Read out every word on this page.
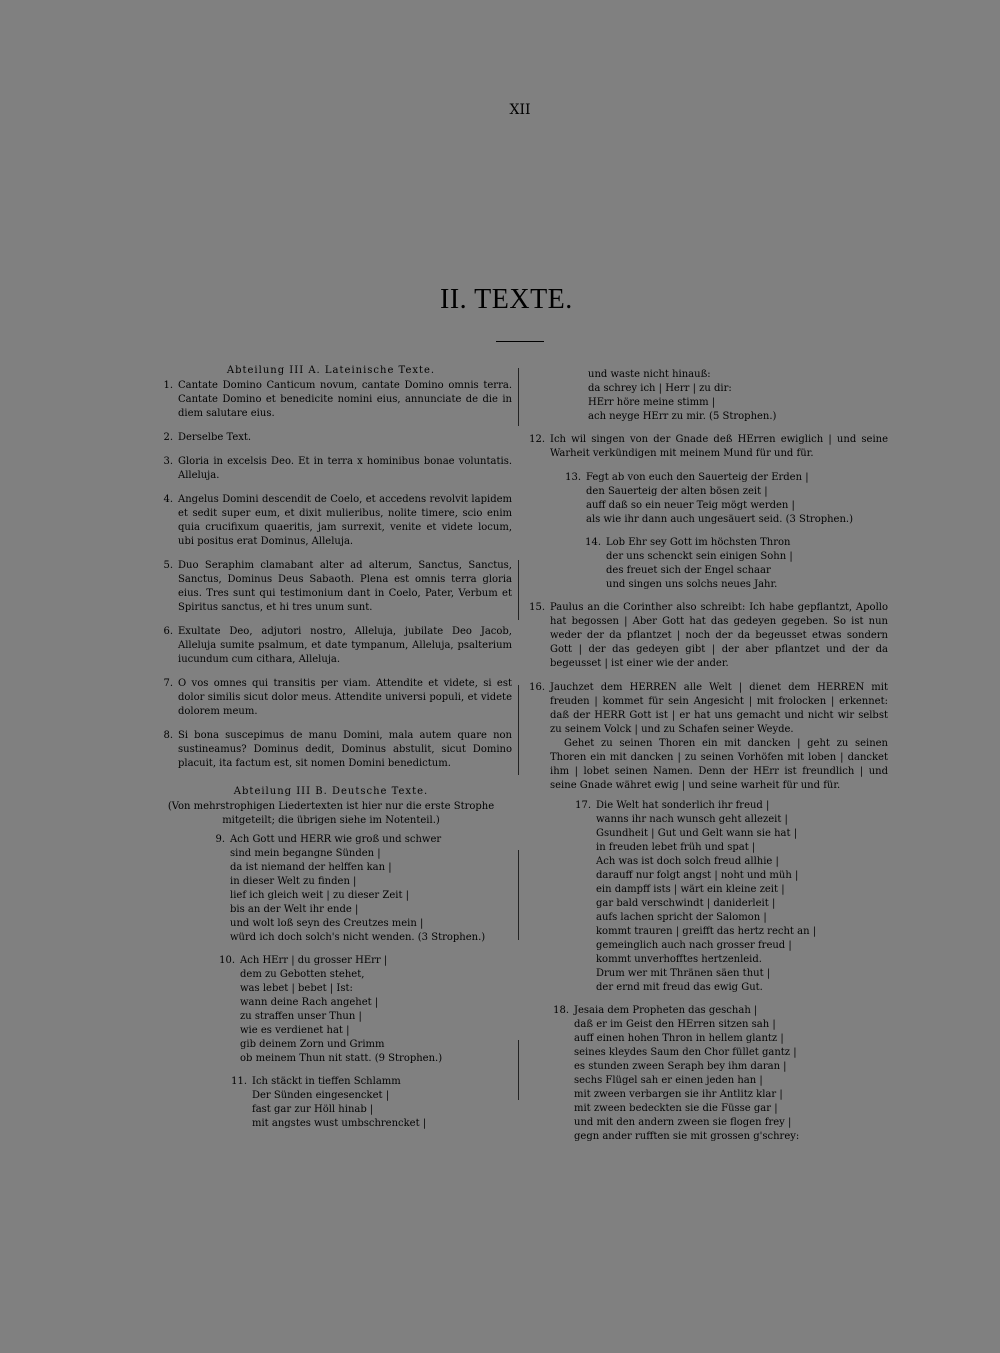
XII
II. TEXTE.
Abteilung III A. Lateinische Texte.
1. Cantate Domino Canticum novum, cantate Domino omnis terra. Cantate Domino et benedicite nomini eius, annunciate de die in diem salutare eius.
2. Derselbe Text.
3. Gloria in excelsis Deo. Et in terra x hominibus bonae voluntatis. Alleluja.
4. Angelus Domini descendit de Coelo, et accedens revolvit lapidem et sedit super eum, et dixit mulieribus, nolite timere, scio enim quia crucifixum quaeritis, jam surrexit, venite et videte locum, ubi positus erat Dominus, Alleluja.
5. Duo Seraphim clamabant alter ad alterum, Sanctus, Sanctus, Sanctus, Dominus Deus Sabaoth. Plena est omnis terra gloria eius. Tres sunt qui testimonium dant in Coelo, Pater, Verbum et Spiritus sanctus, et hi tres unum sunt.
6. Exultate Deo, adjutori nostro, Alleluja, jubilate Deo Jacob, Alleluja sumite psalmum, et date tympanum, Alleluja, psalterium iucundum cum cithara, Alleluja.
7. O vos omnes qui transitis per viam. Attendite et videte, si est dolor similis sicut dolor meus. Attendite universi populi, et videte dolorem meum.
8. Si bona suscepimus de manu Domini, mala autem quare non sustineamus? Dominus dedit, Dominus abstulit, sicut Domino placuit, ita factum est, sit nomen Domini benedictum.
Abteilung III B. Deutsche Texte.
(Von mehrstrophigen Liedertexten ist hier nur die erste Strophe mitgeteilt; die übrigen siehe im Notenteil.)
9. Ach Gott und HERR wie groß und schwer
sind mein begangne Sünden |
da ist niemand der helffen kan |
in dieser Welt zu finden |
lief ich gleich weit | zu dieser Zeit |
bis an der Welt ihr ende |
und wolt loß seyn des Creutzes mein |
würd ich doch solch's nicht wenden. (3 Strophen.)
10. Ach HErr | du grosser HErr |
dem zu Gebotten stehet,
was lebet | bebet | Ist:
wann deine Rach angehet |
zu straffen unser Thun |
wie es verdienet hat |
gib deinem Zorn und Grimm
ob meinem Thun nit statt. (9 Strophen.)
11. Ich stäckt in tieffen Schlamm
Der Sünden eingesencket |
fast gar zur Höll hinab |
mit angstes wust umbschrencket |
und waste nicht hinauß:
da schrey ich | Herr | zu dir:
HErr höre meine stimm |
ach neyge HErr zu mir. (5 Strophen.)
12. Ich wil singen von der Gnade deß HErren ewiglich | und seine Warheit verkündigen mit meinem Mund für und für.
13. Fegt ab von euch den Sauerteig der Erden |
den Sauerteig der alten bösen zeit |
auff daß so ein neuer Teig mögt werden |
als wie ihr dann auch ungesäuert seid. (3 Strophen.)
14. Lob Ehr sey Gott im höchsten Thron
der uns schenckt sein einigen Sohn |
des freuet sich der Engel schaar
und singen uns solchs neues Jahr.
15. Paulus an die Corinther also schreibt: Ich habe gepflantzt, Apollo hat begossen | Aber Gott hat das gedeyen gegeben. So ist nun weder der da pflantzet | noch der da begeusset etwas sondern Gott | der das gedeyen gibt | der aber pflantzet und der da begeusset | ist einer wie der ander.
16. Jauchzet dem HERREN alle Welt | dienet dem HERREN mit freuden | kommet für sein Angesicht | mit frolocken | erkennet: daß der HERR Gott ist | er hat uns gemacht und nicht wir selbst zu seinem Volck | und zu Schafen seiner Weyde.
Gehet zu seinen Thoren ein mit dancken | geht zu seinen Thoren ein mit dancken | zu seinen Vorhöfen mit loben | dancket ihm | lobet seinen Namen. Denn der HErr ist freundlich | und seine Gnade währet ewig | und seine warheit für und für.
17. Die Welt hat sonderlich ihr freud |
wanns ihr nach wunsch geht allezeit |
Gsundheit | Gut und Gelt wann sie hat |
in freuden lebet früh und spat |
Ach was ist doch solch freud allhie |
darauff nur folgt angst | noht und müh |
ein dampff ists | wärt ein kleine zeit |
gar bald verschwindt | daniderleit |
aufs lachen spricht der Salomon |
kommt trauren | greifft das hertz recht an |
gemeinglich auch nach grosser freud |
kommt unverhofftes hertzenleid.
Drum wer mit Thränen säen thut |
der ernd mit freud das ewig Gut.
18. Jesaia dem Propheten das geschah |
daß er im Geist den HErren sitzen sah |
auff einen hohen Thron in hellem glantz |
seines kleydes Saum den Chor füllet gantz |
es stunden zween Seraph bey ihm daran |
sechs Flügel sah er einen jeden han |
mit zween verbargen sie ihr Antlitz klar |
mit zween bedeckten sie die Füsse gar |
und mit den andern zween sie flogen frey |
gegn ander rufften sie mit grossen g'schrey:
